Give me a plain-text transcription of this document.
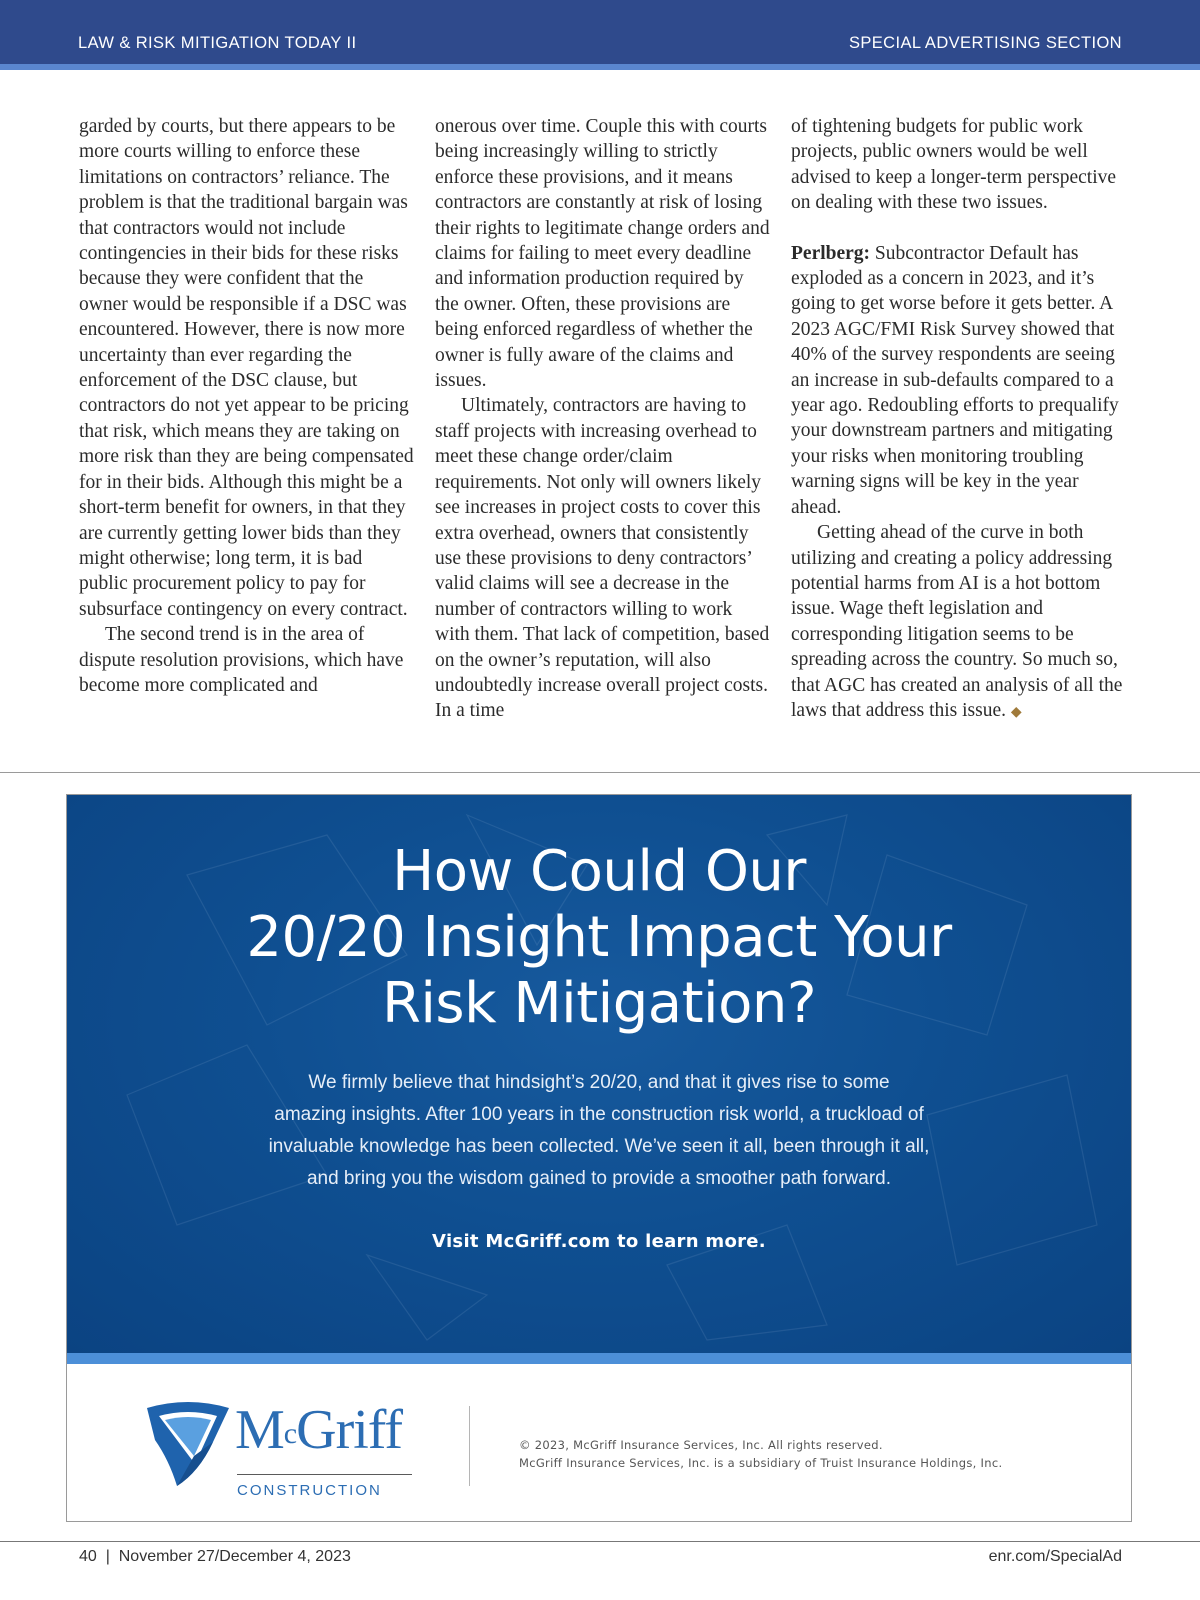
LAW & RISK MITIGATION TODAY II	SPECIAL ADVERTISING SECTION

garded by courts, but there appears to be more courts willing to enforce these limitations on contractors’ reliance. The problem is that the traditional bargain was that contractors would not include contingencies in their bids for these risks because they were confident that the owner would be responsible if a DSC was encountered. However, there is now more uncertainty than ever regarding the enforcement of the DSC clause, but contractors do not yet appear to be pricing that risk, which means they are taking on more risk than they are being compensated for in their bids. Although this might be a short-term benefit for owners, in that they are currently getting lower bids than they might otherwise; long term, it is bad public procurement policy to pay for subsurface contingency on every contract.

The second trend is in the area of dispute resolution provisions, which have become more complicated and

onerous over time. Couple this with courts being increasingly willing to strictly enforce these provisions, and it means contractors are constantly at risk of losing their rights to legitimate change orders and claims for failing to meet every deadline and information production required by the owner. Often, these provisions are being enforced regardless of whether the owner is fully aware of the claims and issues.

Ultimately, contractors are having to staff projects with increasing overhead to meet these change order/claim requirements. Not only will owners likely see increases in project costs to cover this extra overhead, owners that consistently use these provisions to deny contractors’ valid claims will see a decrease in the number of contractors willing to work with them. That lack of competition, based on the owner’s reputation, will also undoubtedly increase overall project costs. In a time

of tightening budgets for public work projects, public owners would be well advised to keep a longer-term perspective on dealing with these two issues.

Perlberg: Subcontractor Default has exploded as a concern in 2023, and it’s going to get worse before it gets better. A 2023 AGC/FMI Risk Survey showed that 40% of the survey respondents are seeing an increase in sub-defaults compared to a year ago. Redoubling efforts to prequalify your downstream partners and mitigating your risks when monitoring troubling warning signs will be key in the year ahead.

Getting ahead of the curve in both utilizing and creating a policy addressing potential harms from AI is a hot bottom issue. Wage theft legislation and corresponding litigation seems to be spreading across the country. So much so, that AGC has created an analysis of all the laws that address this issue. ◆

How Could Our
20/20 Insight Impact Your
Risk Mitigation?

We firmly believe that hindsight’s 20/20, and that it gives rise to some
amazing insights. After 100 years in the construction risk world, a truckload of
invaluable knowledge has been collected. We’ve seen it all, been through it all,
and bring you the wisdom gained to provide a smoother path forward.

Visit McGriff.com to learn more.
$M^cGriff$
CONSTRUCTION
© 2023, McGriff Insurance Services, Inc. All rights reserved.
McGriff Insurance Services, Inc. is a subsidiary of Truist Insurance Holdings, Inc.
40  |  November 27/December 4, 2023	enr.com/SpecialAd
